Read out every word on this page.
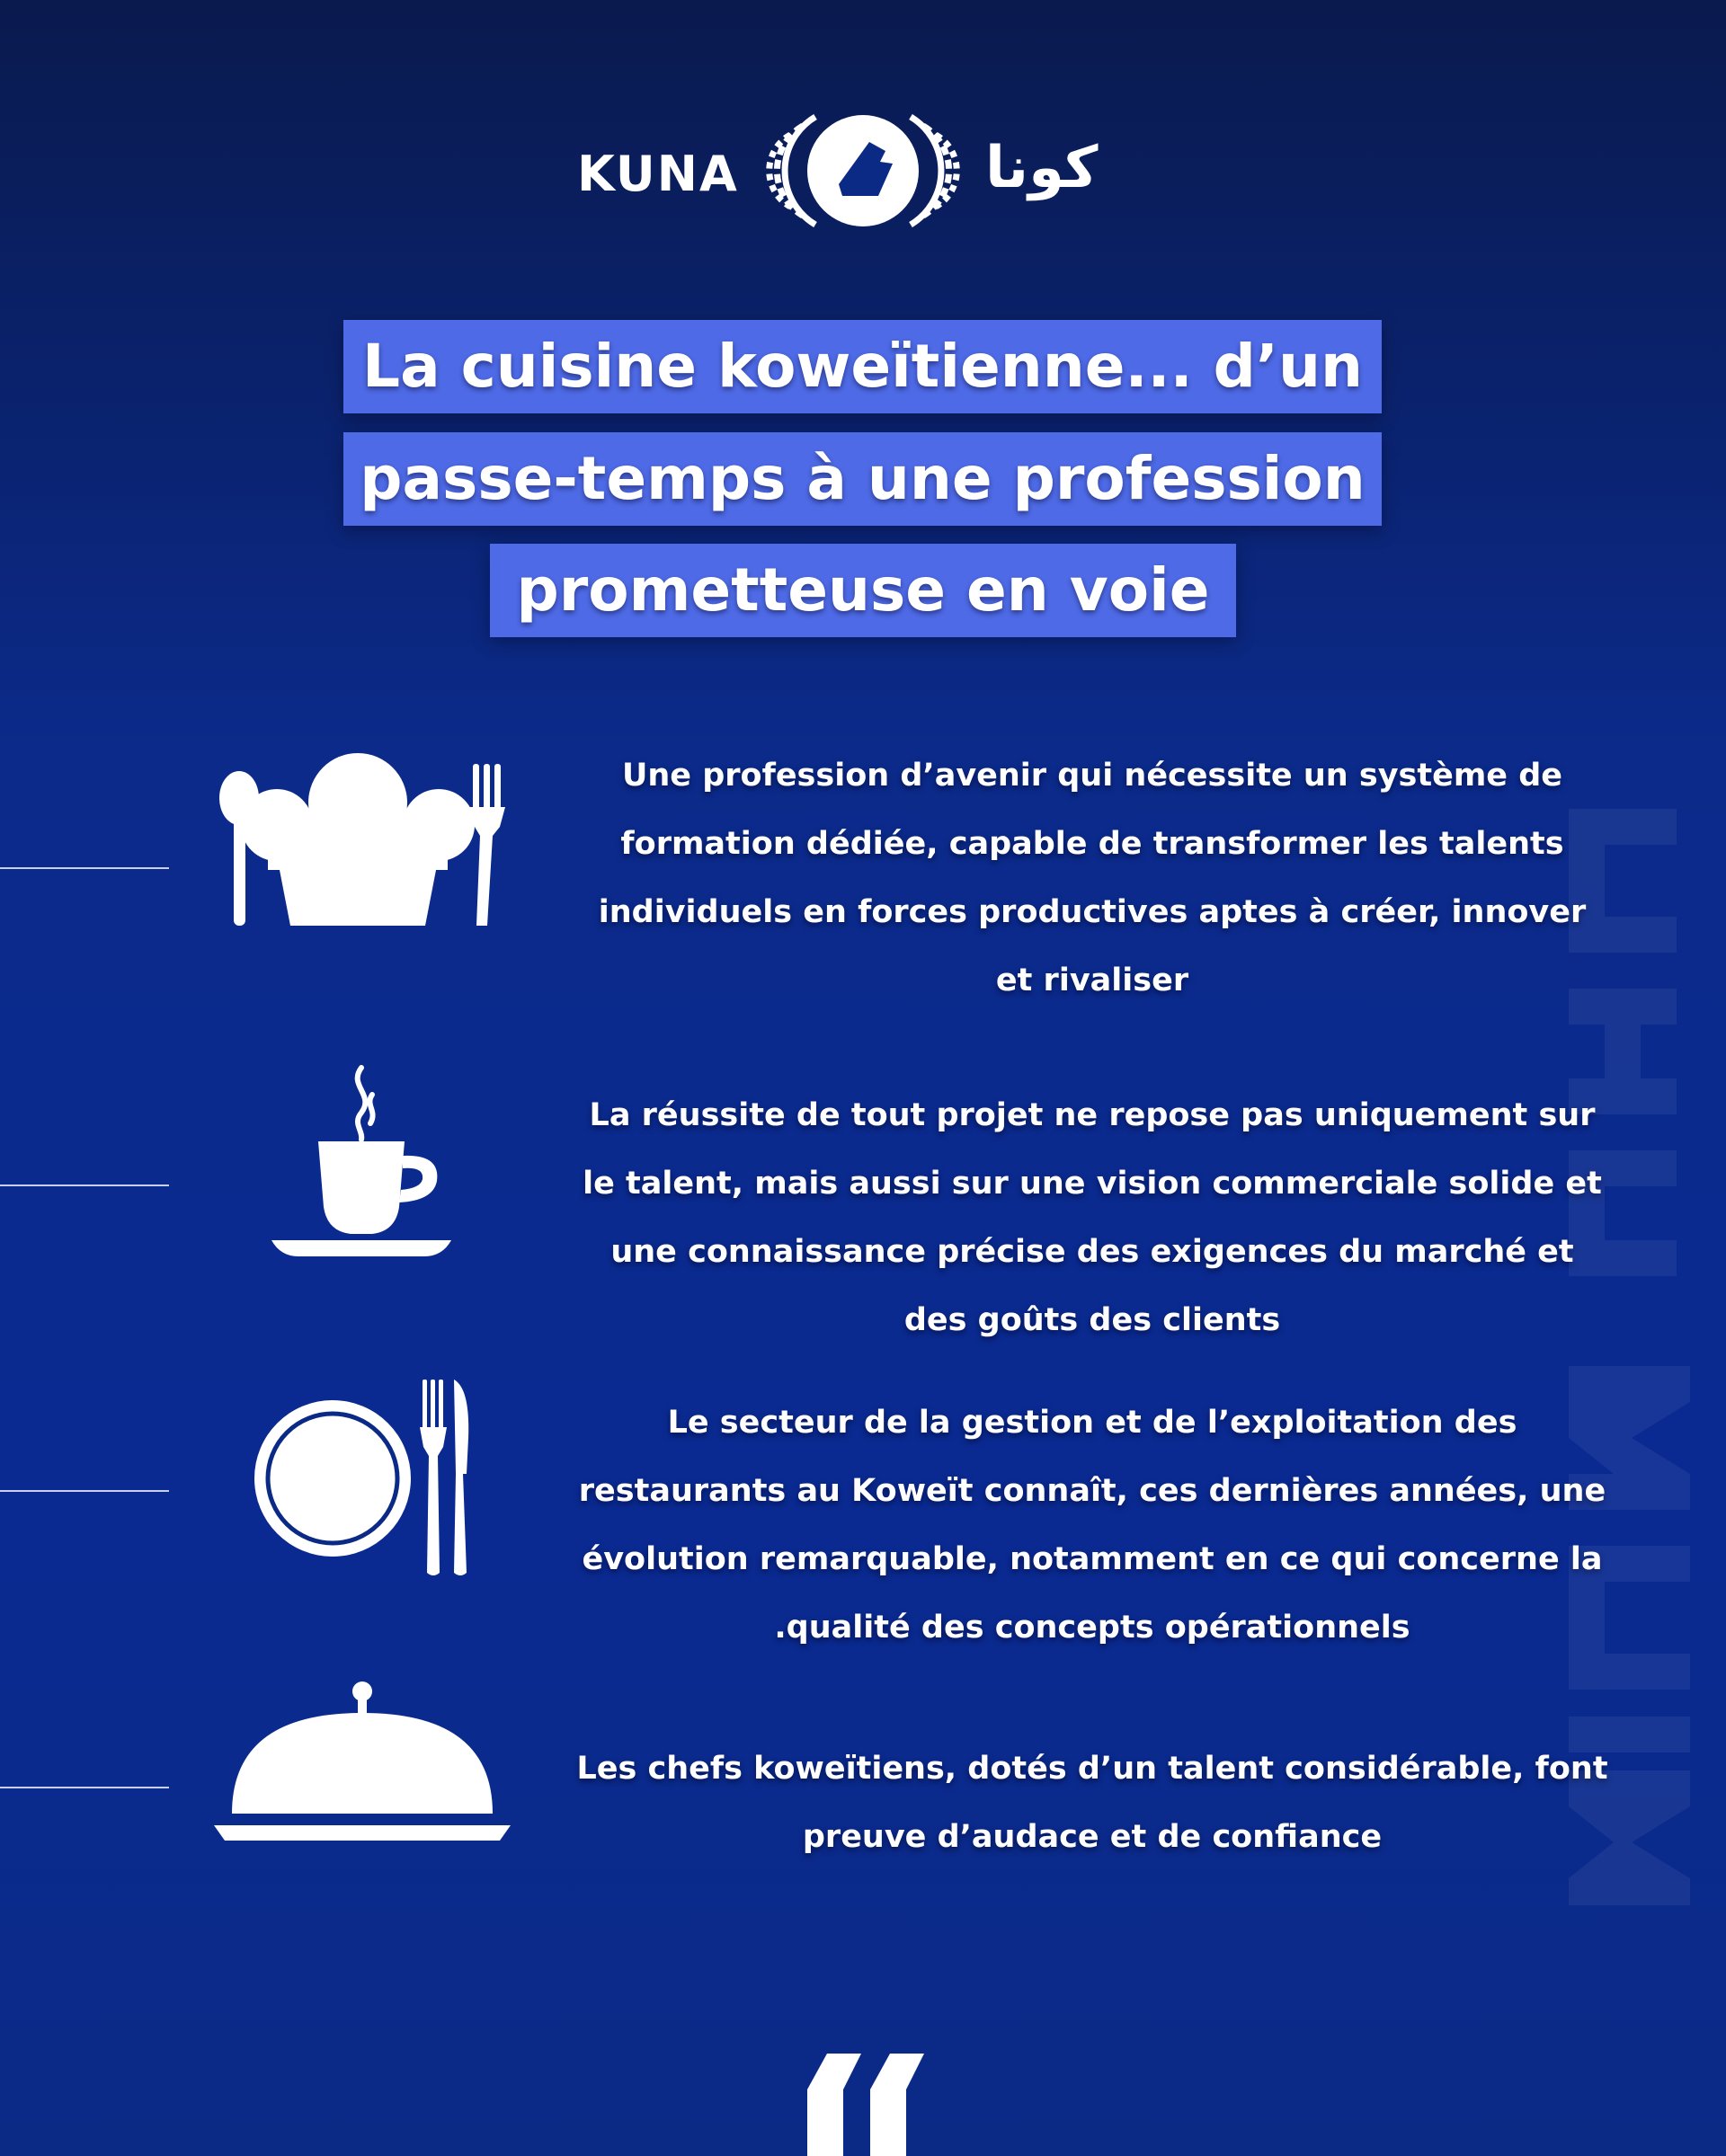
KUNA	كونا
La cuisine koweïtienne... d’un
passe-temps à une profession
prometteuse en voie
Une profession d’avenir qui nécessite un système de formation dédiée, capable de transformer les talents individuels en forces productives aptes à créer, innover et rivaliser
La réussite de tout projet ne repose pas uniquement sur le talent, mais aussi sur une vision commerciale solide et une connaissance précise des exigences du marché et des goûts des clients
Le secteur de la gestion et de l’exploitation des restaurants au Koweït connaît, ces dernières années, une évolution remarquable, notamment en ce qui concerne la .qualité des concepts opérationnels
Les chefs koweïtiens, dotés d’un talent considérable, font preuve d’audace et de confiance
